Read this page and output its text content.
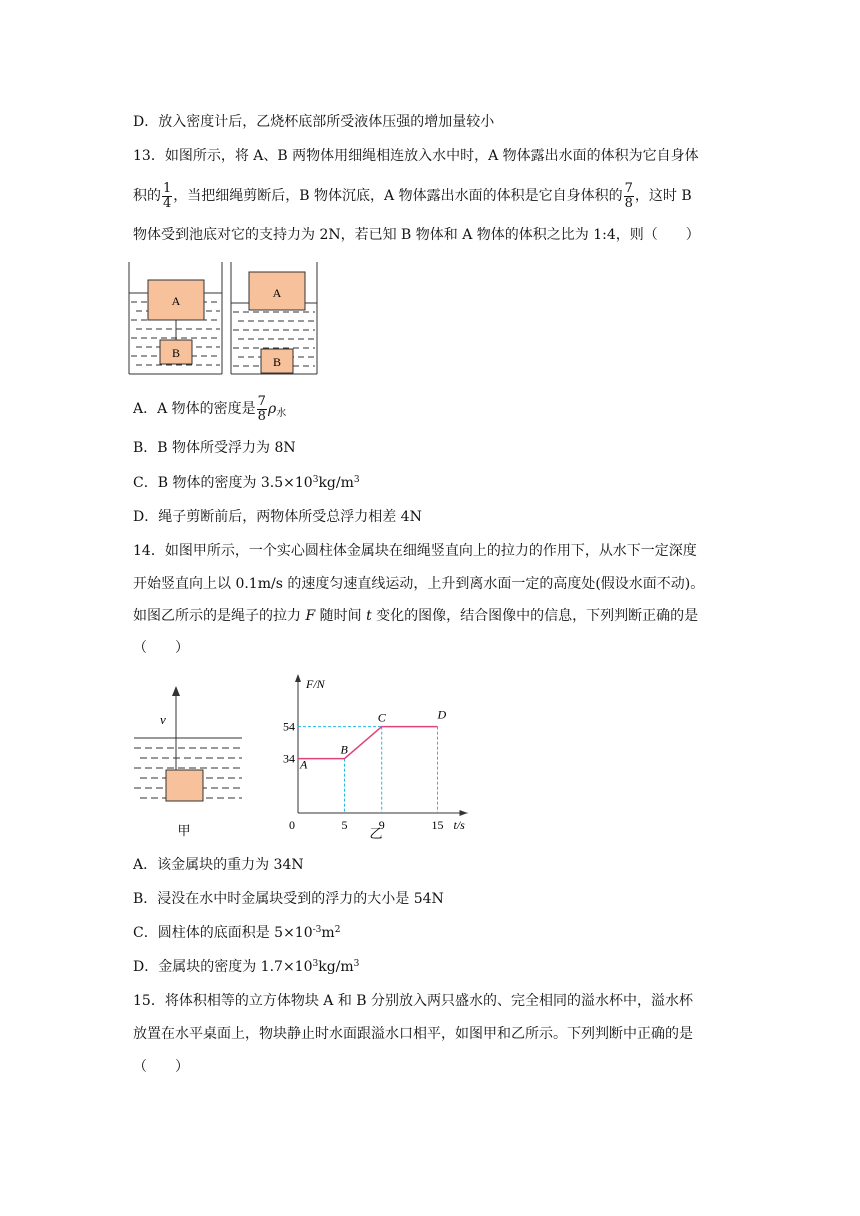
D．放入密度计后，乙烧杯底部所受液体压强的增加量较小
13．如图所示，将 A、B 两物体用细绳相连放入水中时，A 物体露出水面的体积为它自身体
积的 $\frac{1}{4}$ ，当把细绳剪断后，B 物体沉底，A 物体露出水面的体积是它自身体积的 $\frac{7}{8}$ ，这时 B
物体受到池底对它的支持力为 2N，若已知 B 物体和 A 物体的体积之比为 1:4，则（　　）
A
B
A
B
A．A 物体的密度是 $\frac{7}{8} \rho_水$
B．B 物体所受浮力为 8N
C．B 物体的密度为 $3.5\times 10^3kg/m^3$
D．绳子剪断前后，两物体所受总浮力相差 4N
14．如图甲所示，一个实心圆柱体金属块在细绳竖直向上的拉力的作用下，从水下一定深度
开始竖直向上以 0.1m/s 的速度匀速直线运动，上升到离水面一定的高度处(假设水面不动)。
如图乙所示的是绳子的拉力 F 随时间 t 变化的图像，结合图像中的信息，下列判断正确的是
（　　）
v
甲
A
B
C	D
5	9	15
34
54
0
F/N
t/s
乙
A．该金属块的重力为 34N
B．浸没在水中时金属块受到的浮力的大小是 54N
C．圆柱体的底面积是 $5\times 10^{-3}m^2$
D．金属块的密度为 $1.7\times 10^3kg/m^3$
15．将体积相等的立方体物块 A 和 B 分别放入两只盛水的、完全相同的溢水杯中，溢水杯
放置在水平桌面上，物块静止时水面跟溢水口相平，如图甲和乙所示。下列判断中正确的是
（　　）
